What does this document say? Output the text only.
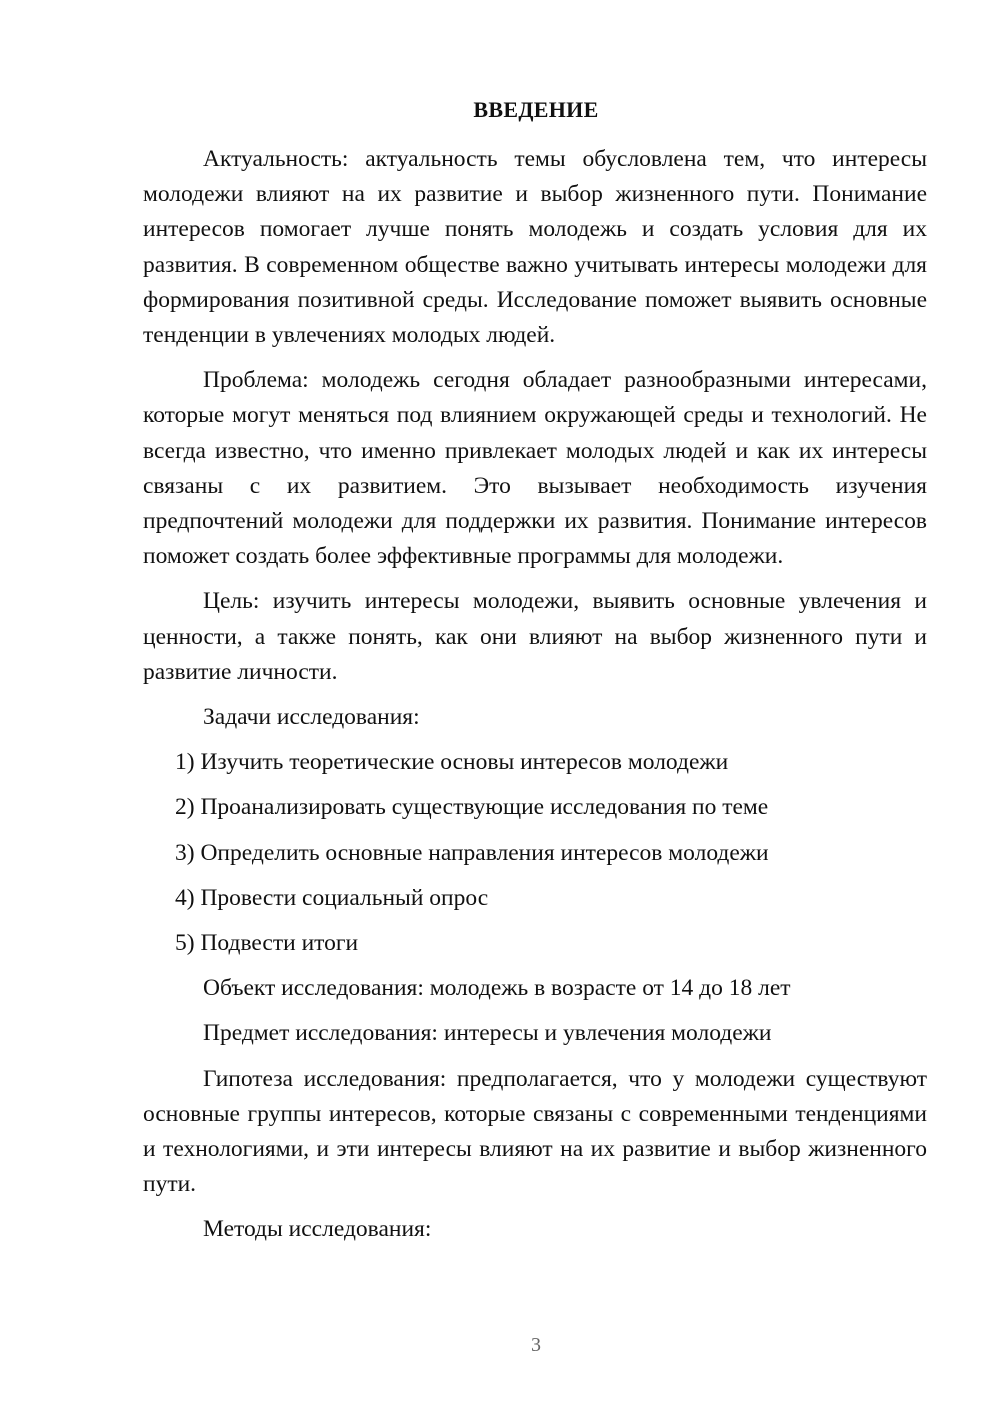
ВВЕДЕНИЕ

Актуальность: актуальность темы обусловлена тем, что интересы молодежи влияют на их развитие и выбор жизненного пути. Понимание интересов помогает лучше понять молодежь и создать условия для их развития. В современном обществе важно учитывать интересы молодежи для формирования позитивной среды. Исследование поможет выявить основные тенденции в увлечениях молодых людей.

Проблема: молодежь сегодня обладает разнообразными интересами, которые могут меняться под влиянием окружающей среды и технологий. Не всегда известно, что именно привлекает молодых людей и как их интересы связаны с их развитием. Это вызывает необходимость изучения предпочтений молодежи для поддержки их развития. Понимание интересов поможет создать более эффективные программы для молодежи.

Цель: изучить интересы молодежи, выявить основные увлечения и ценности, а также понять, как они влияют на выбор жизненного пути и развитие личности.

Задачи исследования:

1) Изучить теоретические основы интересов молодежи
2) Проанализировать существующие исследования по теме
3) Определить основные направления интересов молодежи
4) Провести социальный опрос
5) Подвести итоги

Объект исследования: молодежь в возрасте от 14 до 18 лет

Предмет исследования: интересы и увлечения молодежи

Гипотеза исследования: предполагается, что у молодежи существуют основные группы интересов, которые связаны с современными тенденциями и технологиями, и эти интересы влияют на их развитие и выбор жизненного пути.

Методы исследования:

3
